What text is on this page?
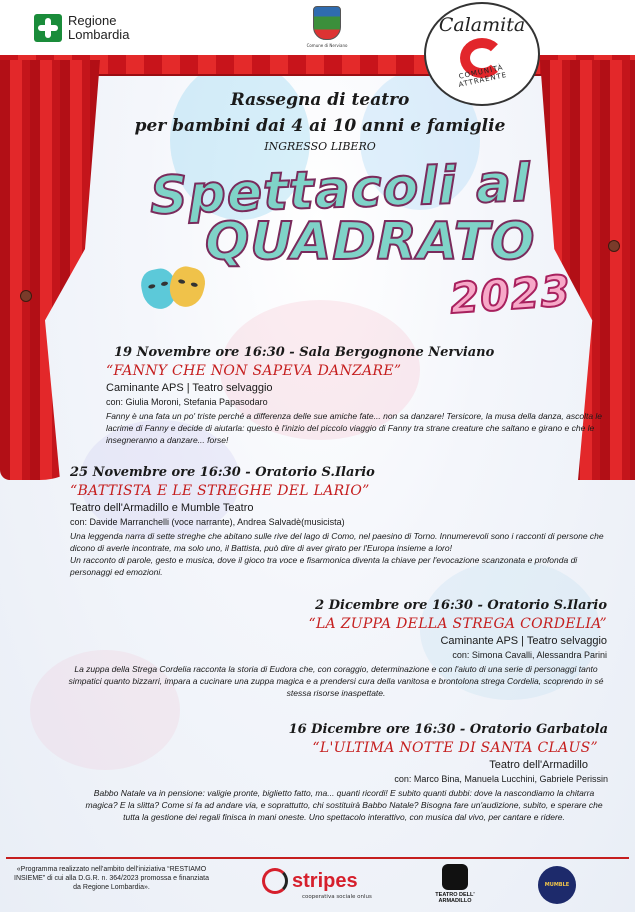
Regione
Lombardia
Comune di Nerviano
Calamita
COMUNITÀ ATTRAENTE
Rassegna di teatro
per bambini dai 4 ai 10 anni e famiglie
INGRESSO LIBERO
Spettacoli al
QUADRATO
2023
19 Novembre ore 16:30 - Sala Bergognone Nerviano
“FANNY CHE NON SAPEVA DANZARE”
Caminante APS | Teatro selvaggio
con: Giulia Moroni, Stefania Papasodaro
Fanny è una fata un po' triste perché a differenza delle sue amiche fate... non sa danzare! Tersicore, la musa della danza, ascolta le lacrime di Fanny e decide di aiutarla: questo è l'inizio del piccolo viaggio di Fanny tra strane creature che saltano e girano e che le insegneranno a danzare... forse!
25 Novembre ore 16:30 - Oratorio S.Ilario
“BATTISTA E LE STREGHE DEL LARIO”
Teatro dell'Armadillo e Mumble Teatro
con: Davide Marranchelli (voce narrante), Andrea Salvadè(musicista)
Una leggenda narra di sette streghe che abitano sulle rive del lago di Como, nel paesino di Torno. Innumerevoli sono i racconti di persone che dicono di averle incontrate, ma solo uno, il Battista, può dire di aver girato per l'Europa insieme a loro!
Un racconto di parole, gesto e musica, dove il gioco tra voce e fisarmonica diventa la chiave per l'evocazione scanzonata e profonda di personaggi ed emozioni.
2 Dicembre ore 16:30 - Oratorio S.Ilario
“LA ZUPPA DELLA STREGA CORDELIA”
Caminante APS | Teatro selvaggio
con: Simona Cavalli, Alessandra Parini
La zuppa della Strega Cordelia racconta la storia di Eudora che, con coraggio, determinazione e con l'aiuto di una serie di personaggi tanto simpatici quanto bizzarri, impara a cucinare una zuppa magica e a prendersi cura della vanitosa e brontolona strega Cordelia, scoprendo in sé stessa risorse inaspettate.
16 Dicembre ore 16:30 - Oratorio Garbatola
“L'ULTIMA NOTTE DI SANTA CLAUS”
Teatro dell'Armadillo
con: Marco Bina, Manuela Lucchini, Gabriele Perissin
Babbo Natale va in pensione: valigie pronte, biglietto fatto, ma... quanti ricordi! E subito quanti dubbi: dove la nascondiamo la chitarra magica? E la slitta? Come si fa ad andare via, e soprattutto, chi sostituirà Babbo Natale? Bisogna fare un'audizione, subito, e sperare che tutta la gestione dei regali finisca in mani oneste. Uno spettacolo interattivo, con musica dal vivo, per cantare e ridere.
«Programma realizzato nell'ambito dell'iniziativa “RESTIAMO INSIEME” di cui alla D.G.R. n. 364/2023 promossa e finanziata da Regione Lombardia».	stripes
cooperativa sociale onlus	TEATRO DELL' ARMADILLO
MUMBLE
